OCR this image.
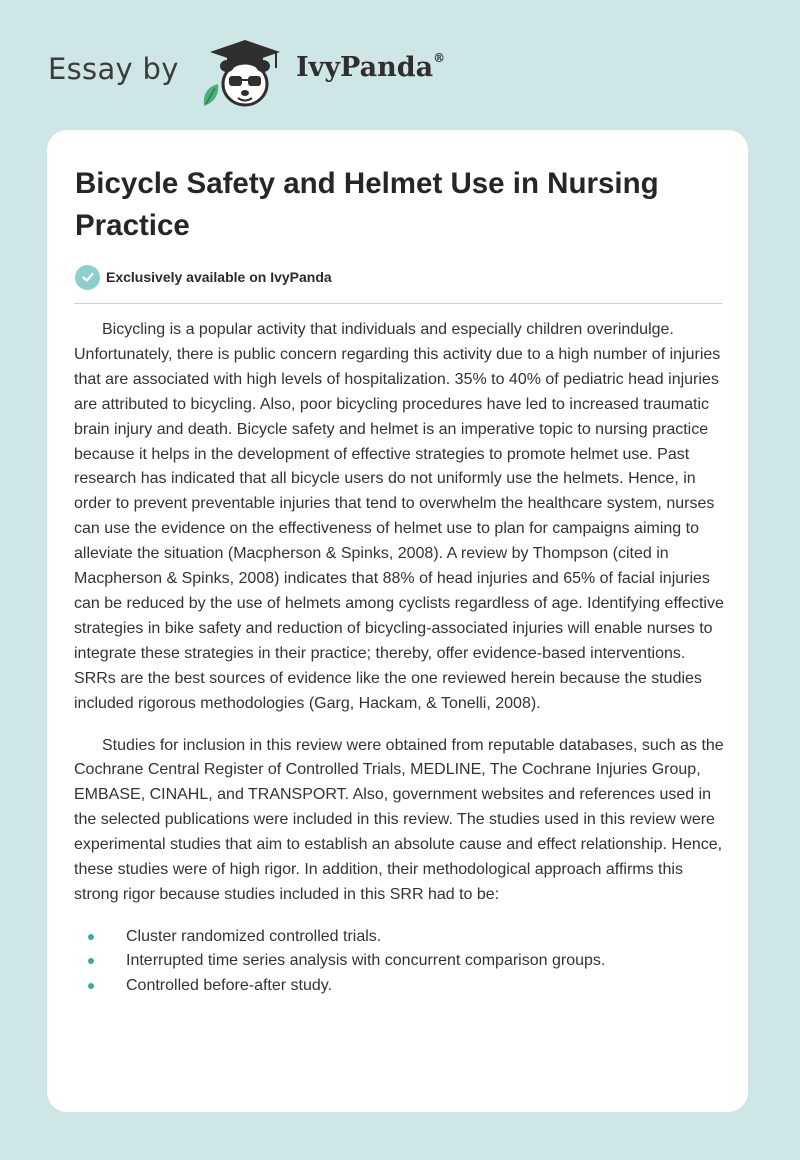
Essay by	IvyPanda®
Bicycle Safety and Helmet Use in Nursing Practice
Exclusively available on IvyPanda

Bicycling is a popular activity that individuals and especially children overindulge. Unfortunately, there is public concern regarding this activity due to a high number of injuries that are associated with high levels of hospitalization. 35% to 40% of pediatric head injuries are attributed to bicycling. Also, poor bicycling procedures have led to increased traumatic brain injury and death. Bicycle safety and helmet is an imperative topic to nursing practice because it helps in the development of effective strategies to promote helmet use. Past research has indicated that all bicycle users do not uniformly use the helmets. Hence, in order to prevent preventable injuries that tend to overwhelm the healthcare system, nurses can use the evidence on the effectiveness of helmet use to plan for campaigns aiming to alleviate the situation (Macpherson & Spinks, 2008). A review by Thompson (cited in Macpherson & Spinks, 2008) indicates that 88% of head injuries and 65% of facial injuries can be reduced by the use of helmets among cyclists regardless of age. Identifying effective strategies in bike safety and reduction of bicycling-associated injuries will enable nurses to integrate these strategies in their practice; thereby, offer evidence-based interventions. SRRs are the best sources of evidence like the one reviewed herein because the studies included rigorous methodologies (Garg, Hackam, & Tonelli, 2008).

Studies for inclusion in this review were obtained from reputable databases, such as the Cochrane Central Register of Controlled Trials, MEDLINE, The Cochrane Injuries Group, EMBASE, CINAHL, and TRANSPORT. Also, government websites and references used in the selected publications were included in this review. The studies used in this review were experimental studies that aim to establish an absolute cause and effect relationship. Hence, these studies were of high rigor. In addition, their methodological approach affirms this strong rigor because studies included in this SRR had to be:

Cluster randomized controlled trials.
Interrupted time series analysis with concurrent comparison groups.
Controlled before-after study.
